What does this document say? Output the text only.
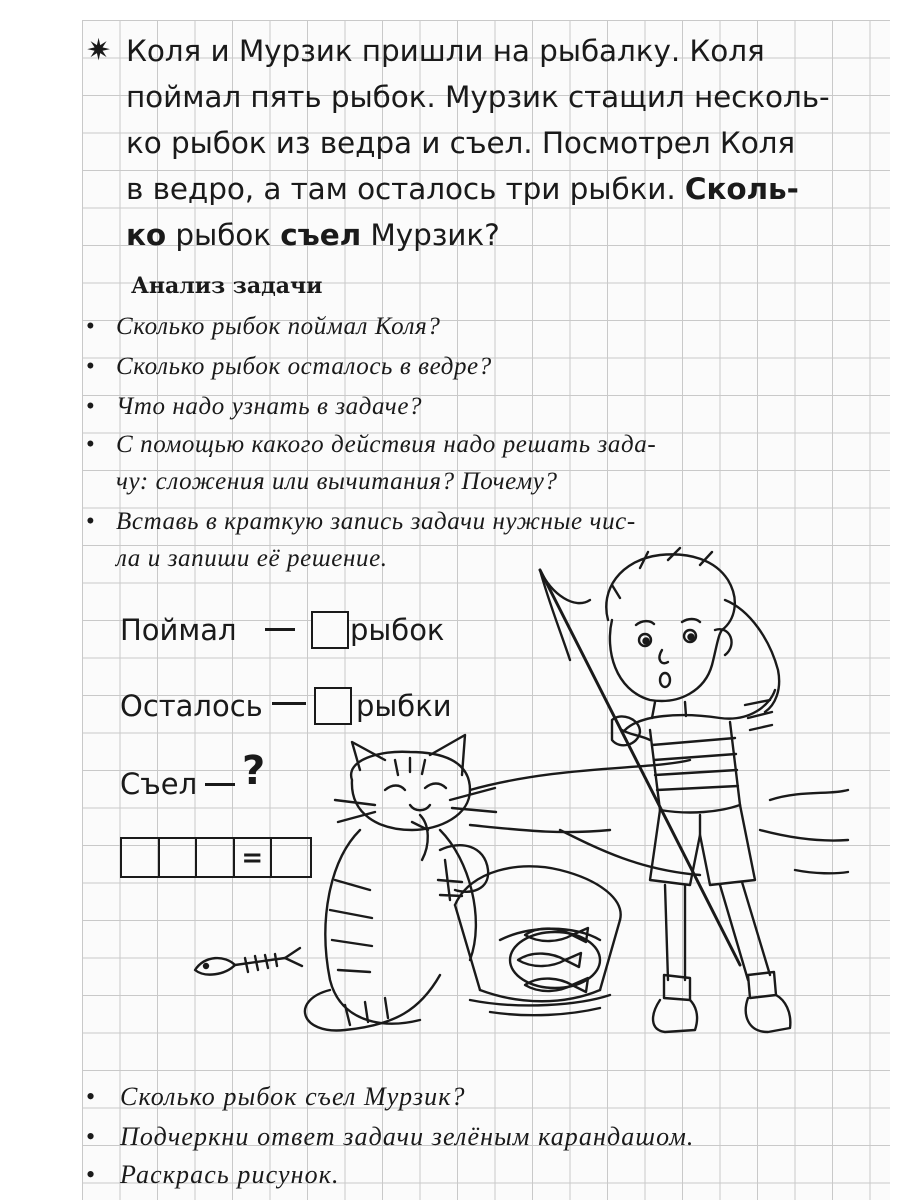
✷ Коля и Мурзик пришли на рыбалку. Коля
поймал пять рыбок. Мурзик стащил несколь-
ко рыбок из ведра и съел. Посмотрел Коля
в ведро, а там осталось три рыбки. Сколь-
ко рыбок съел Мурзик?
Анализ задачи
• Сколько рыбок поймал Коля?
• Сколько рыбок осталось в ведре?
• Что надо узнать в задаче?
• С помощью какого действия надо решать зада-
чу: сложения или вычитания? Почему?
• Вставь в краткую запись задачи нужные чис-
ла и запиши её решение.
Поймал	рыбок
Осталось	рыбки
Съел ?
=
• Сколько рыбок съел Мурзик?
• Подчеркни ответ задачи зелёным карандашом.
• Раскрась рисунок.
